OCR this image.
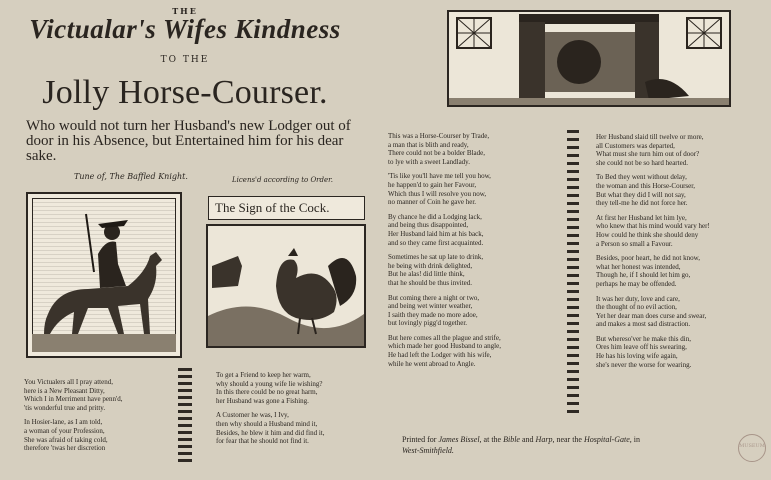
THE
Victualar's Wifes Kindness
TO THE
Jolly Horse-Courser.
Who would not turn her Husband's new Lodger out of door in his Absence, but Entertained him for his dear sake.
Tune of, The Baffled Knight.	Licens'd according to Order.
The Sign of the Cock.

You Victualers all I pray attend,
here is a New Pleasant Ditty,
Which I in Merriment have penn'd,
'tis wonderful true and pritty.

In Hosier-lane, as I am told,
a woman of your Profession,
She was afraid of taking cold,
therefore 'twas her discretion

To get a Friend to keep her warm,
why should a young wife lie wishing?
In this there could be no great harm,
her Husband was gone a Fishing.

A Customer he was, I Ivy,
then why should a Husband mind it,
Besides, he blew it him and did find it,
for fear that he should not find it.

This was a Horse-Courser by Trade,
a man that is blith and ready,
There could not be a bolder Blade,
to lye with a sweet Landlady.

'Tis like you'll have me tell you how,
he happen'd to gain her Favour,
Which thus I will resolve you now,
no manner of Coin he gave her.

By chance he did a Lodging lack,
and being thus disappointed,
Her Husband laid him at his back,
and so they came first acquainted.

Sometimes he sat up late to drink,
he being with drink delighted,
But he alas! did little think,
that he should be thus invited.

But coming there a night or two,
and being wet winter weather,
I saith they made no more adoe,
but lovingly pigg'd together.

But here comes all the plague and strife,
which made her good Husband to angle,
He had left the Lodger with his wife,
while he went abroad to Angle.

Her Husband slaid till twelve or more,
all Customers was departed,
What must she turn him out of door?
she could not be so hard hearted.

To Bed they went without delay,
the woman and this Horse-Courser,
But what they did I will not say,
they tell-me he did not force her.

At first her Husband let him lye,
who knew that his mind would vary her!
How could he think she should deny
a Person so small a Favour.

Besides, poor heart, he did not know,
what her honest was intended,
Though he, if I should let him go,
perhaps he may be offended.

It was her duty, love and care,
the thought of no evil action,
Yet her dear man does curse and swear,
and makes a most sad distraction.

But whereso'ver he make this din,
Ores him leave off his swearing,
He has his loving wife again,
she's never the worse for wearing.

Printed for James Bissel, at the Bible and Harp, near the Hospital-Gate, in
West-Smithfield.	MUSEUM
